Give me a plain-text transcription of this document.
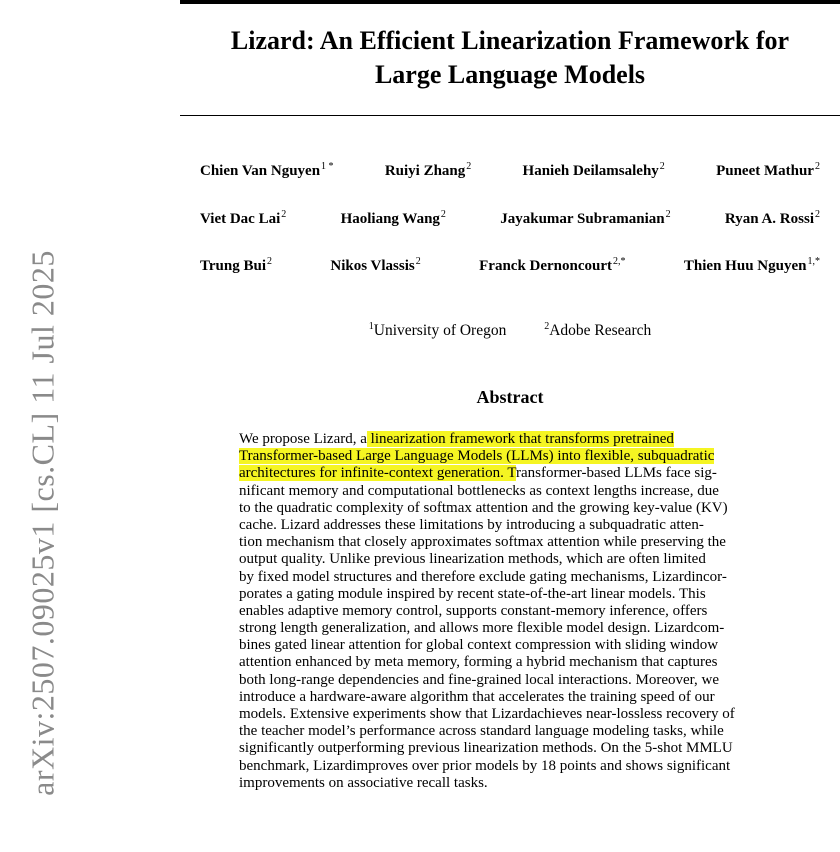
Lizard: An Efficient Linearization Framework for
Large Language Models
Chien Van Nguyen$^{1 *}$	Ruiyi Zhang$^2$	Hanieh Deilamsalehy$^2$	Puneet Mathur$^2$
Viet Dac Lai$^2$	Haoliang Wang$^2$	Jayakumar Subramanian$^2$	Ryan A. Rossi$^2$
Trung Bui$^2$	Nikos Vlassis$^2$	Franck Dernoncourt$^{2,*}$	Thien Huu Nguyen$^{1,*}$
$^1$University of Oregon	$^2$Adobe Research
Abstract
We propose Lizard, a linearization framework that transforms pretrained
Transformer-based Large Language Models (LLMs) into flexible, subquadratic
architectures for infinite-context generation. Transformer-based LLMs face sig-
nificant memory and computational bottlenecks as context lengths increase, due
to the quadratic complexity of softmax attention and the growing key-value (KV)
cache. Lizard addresses these limitations by introducing a subquadratic atten-
tion mechanism that closely approximates softmax attention while preserving the
output quality. Unlike previous linearization methods, which are often limited
by fixed model structures and therefore exclude gating mechanisms, Lizardincor-
porates a gating module inspired by recent state-of-the-art linear models. This
enables adaptive memory control, supports constant-memory inference, offers
strong length generalization, and allows more flexible model design. Lizardcom-
bines gated linear attention for global context compression with sliding window
attention enhanced by meta memory, forming a hybrid mechanism that captures
both long-range dependencies and fine-grained local interactions. Moreover, we
introduce a hardware-aware algorithm that accelerates the training speed of our
models. Extensive experiments show that Lizardachieves near-lossless recovery of
the teacher model’s performance across standard language modeling tasks, while
significantly outperforming previous linearization methods. On the 5-shot MMLU
benchmark, Lizardimproves over prior models by 18 points and shows significant
improvements on associative recall tasks.
arXiv:2507.09025v1 [cs.CL] 11 Jul 2025
